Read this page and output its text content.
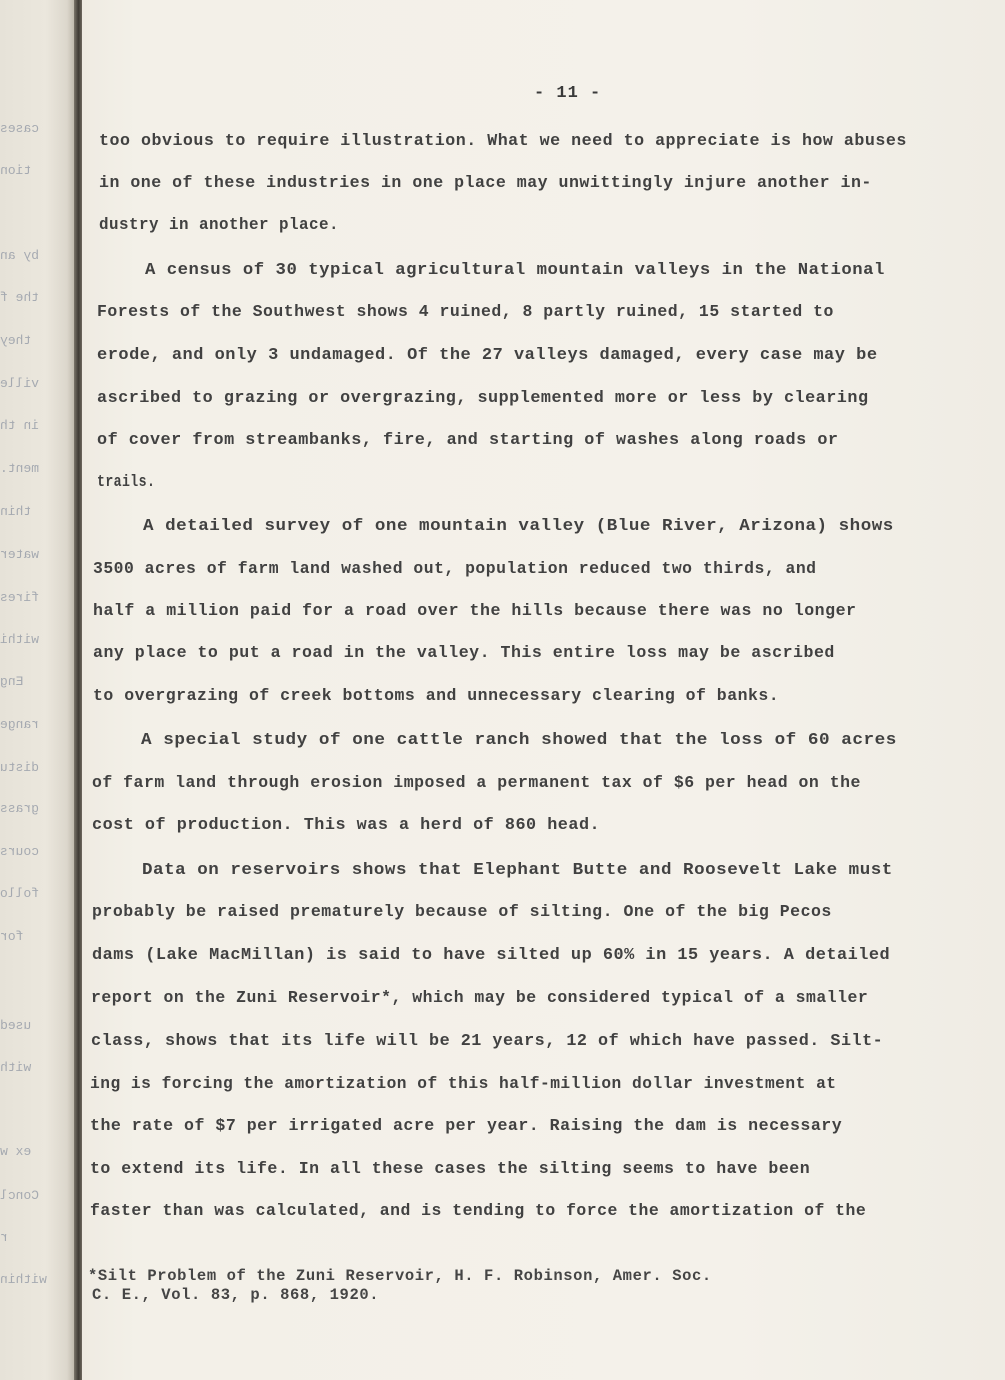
cases
tion
by an
the f
they
ville
in th
ment.
thin
water
fires
withi
Eng
range
distu
grass
cours
follo
for
used
with
ex w
Concl
r
within
- 11 -
too obvious to require illustration. What we need to appreciate is how abuses
in one of these industries in one place may unwittingly injure another in-
dustry in another place.
A census of 30 typical agricultural mountain valleys in the National
Forests of the Southwest shows 4 ruined, 8 partly ruined, 15 started to
erode, and only 3 undamaged. Of the 27 valleys damaged, every case may be
ascribed to grazing or overgrazing, supplemented more or less by clearing
of cover from streambanks, fire, and starting of washes along roads or
trails.
A detailed survey of one mountain valley (Blue River, Arizona) shows
3500 acres of farm land washed out, population reduced two thirds, and
half a million paid for a road over the hills because there was no longer
any place to put a road in the valley. This entire loss may be ascribed
to overgrazing of creek bottoms and unnecessary clearing of banks.
A special study of one cattle ranch showed that the loss of 60 acres
of farm land through erosion imposed a permanent tax of $6 per head on the
cost of production. This was a herd of 860 head.
Data on reservoirs shows that Elephant Butte and Roosevelt Lake must
probably be raised prematurely because of silting. One of the big Pecos
dams (Lake MacMillan) is said to have silted up 60% in 15 years. A detailed
report on the Zuni Reservoir*, which may be considered typical of a smaller
class, shows that its life will be 21 years, 12 of which have passed. Silt-
ing is forcing the amortization of this half-million dollar investment at
the rate of $7 per irrigated acre per year. Raising the dam is necessary
to extend its life. In all these cases the silting seems to have been
faster than was calculated, and is tending to force the amortization of the
*Silt Problem of the Zuni Reservoir, H. F. Robinson, Amer. Soc.
C. E., Vol. 83, p. 868, 1920.
